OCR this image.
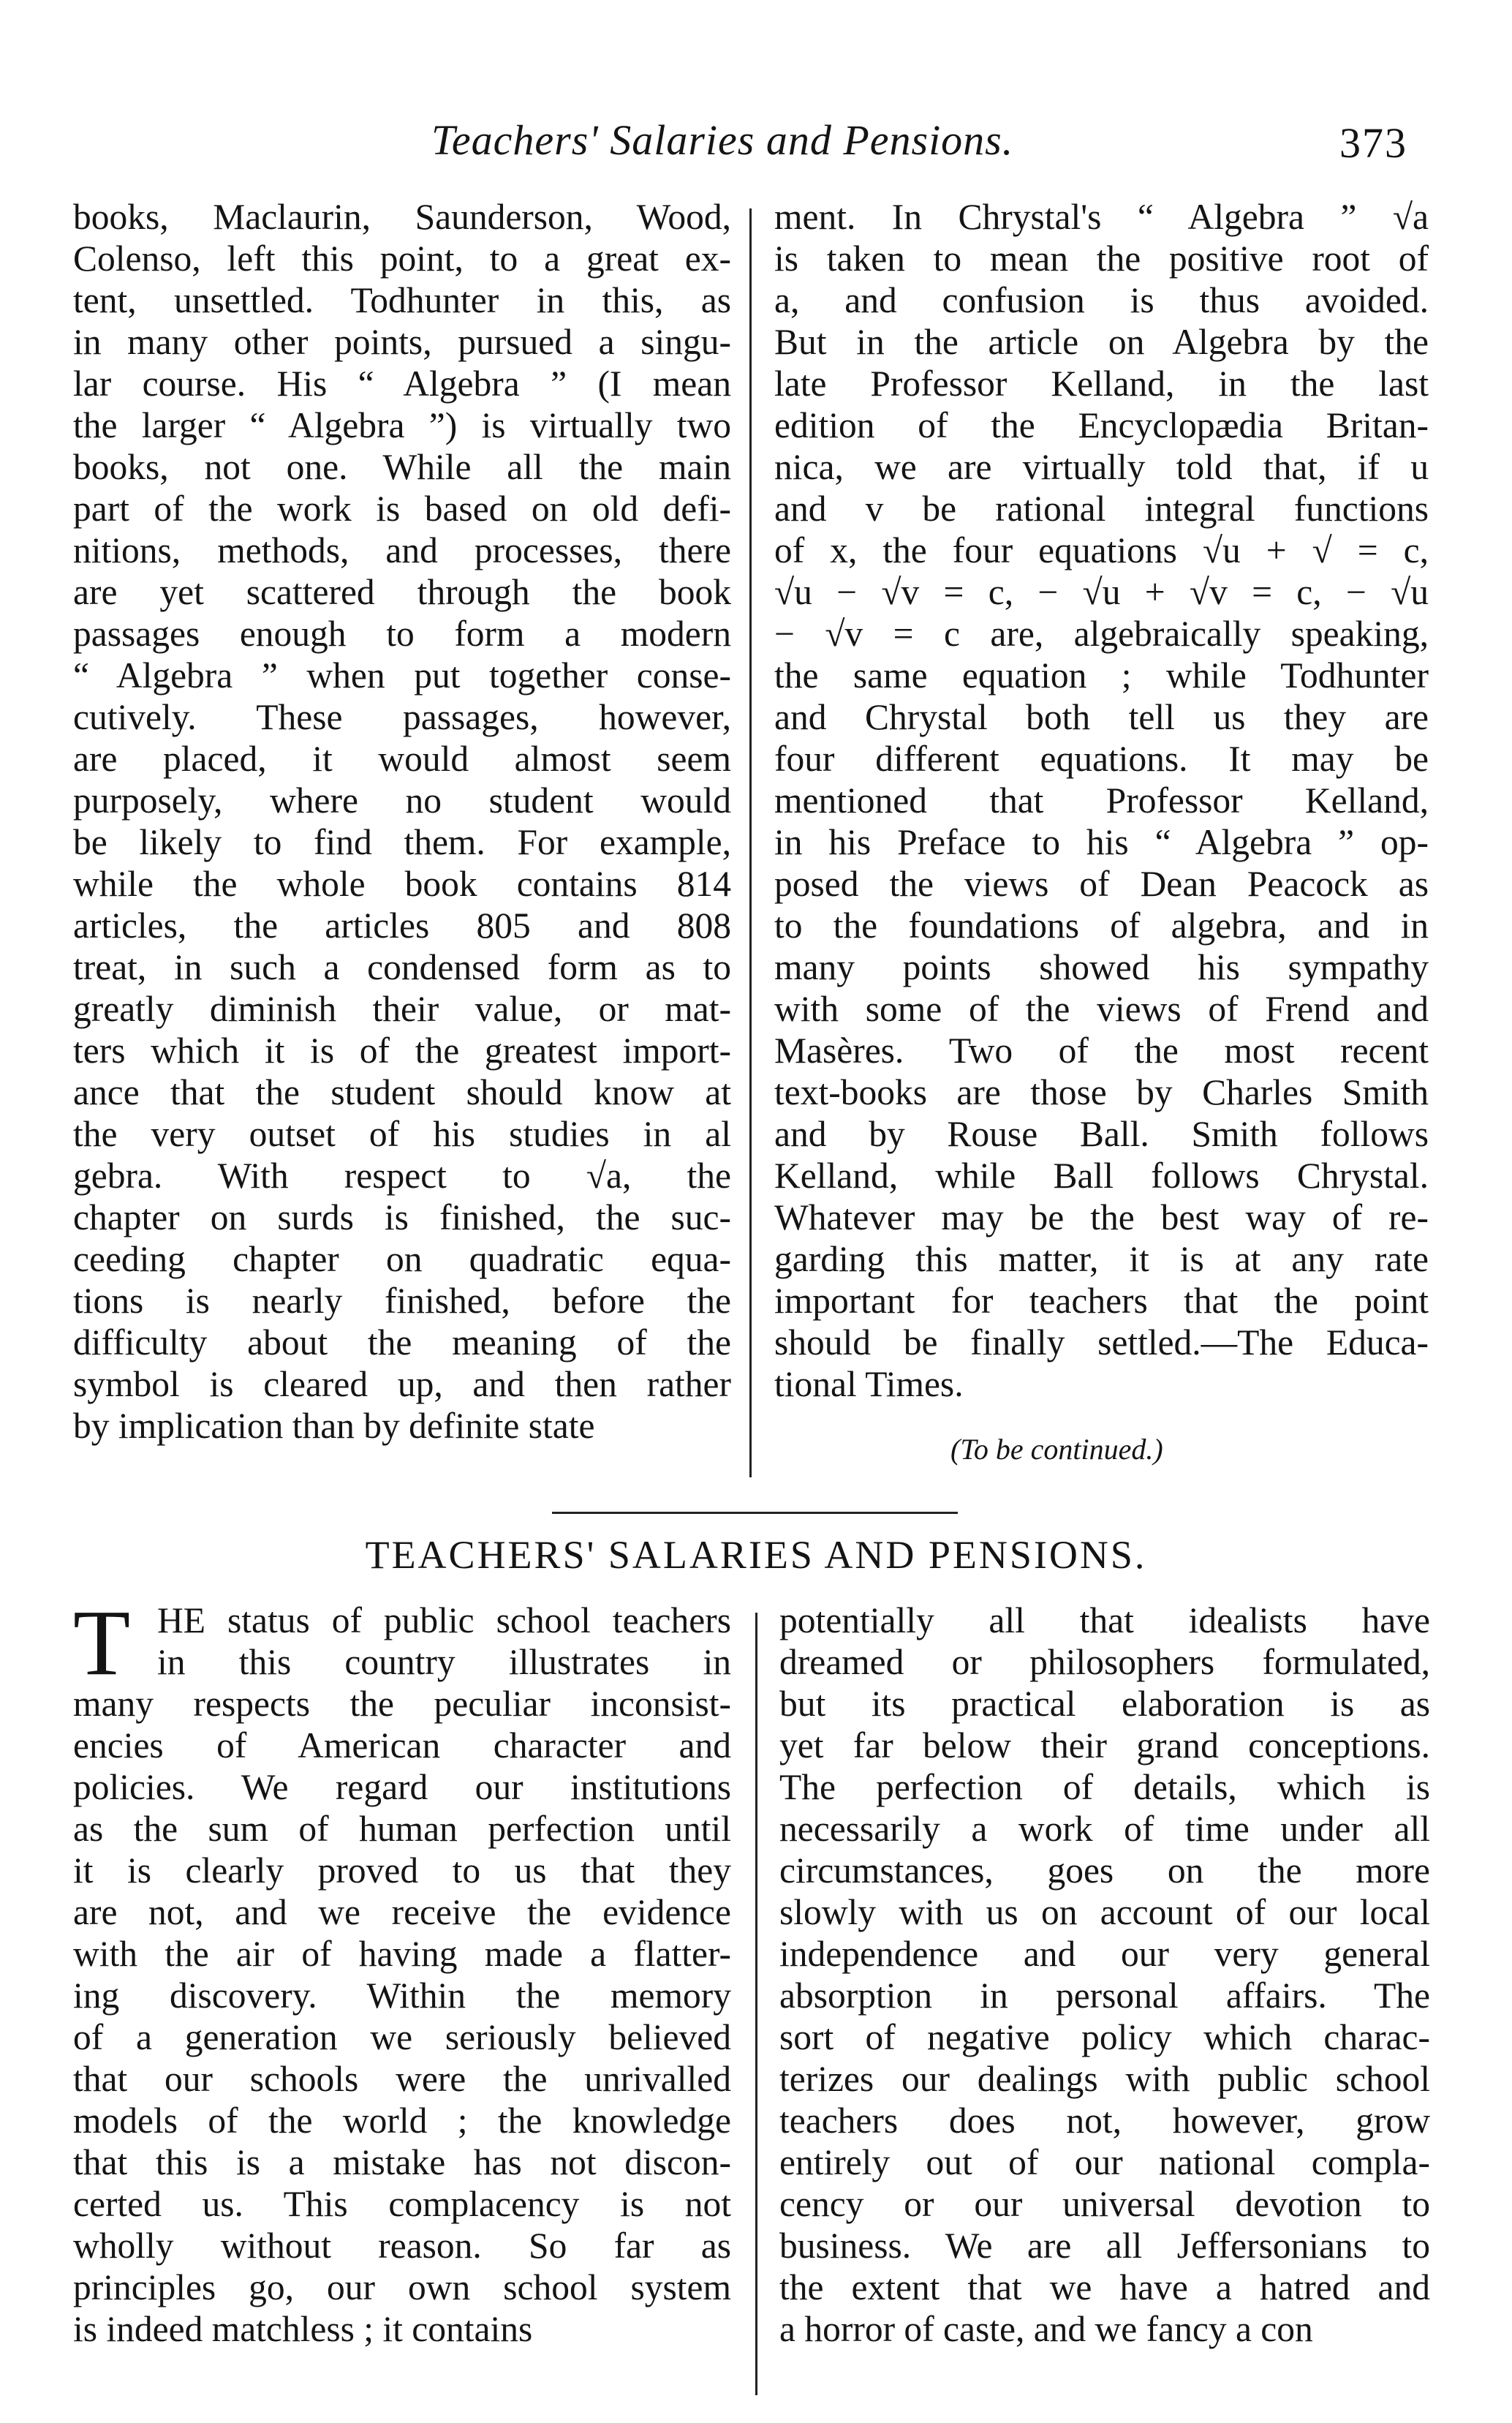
Teachers' Salaries and Pensions.	373
books, Maclaurin, Saunderson, Wood,
Colenso, left this point, to a great ex-
tent, unsettled. Todhunter in this, as
in many other points, pursued a singu-
lar course. His “ Algebra ” (I mean
the larger “ Algebra ”) is virtually two
books, not one. While all the main
part of the work is based on old defi-
nitions, methods, and processes, there
are yet scattered through the book
passages enough to form a modern
“ Algebra ” when put together conse-
cutively. These passages, however,
are placed, it would almost seem
purposely, where no student would
be likely to find them. For example,
while the whole book contains 814
articles, the articles 805 and 808
treat, in such a condensed form as to
greatly diminish their value, or mat-
ters which it is of the greatest import-
ance that the student should know at
the very outset of his studies in al
gebra. With respect to √a, the
chapter on surds is finished, the suc-
ceeding chapter on quadratic equa-
tions is nearly finished, before the
difficulty about the meaning of the
symbol is cleared up, and then rather
by implication than by definite state
ment. In Chrystal's “ Algebra ” √a
is taken to mean the positive root of
a, and confusion is thus avoided.
But in the article on Algebra by the
late Professor Kelland, in the last
edition of the Encyclopædia Britan-
nica, we are virtually told that, if u
and v be rational integral functions
of x, the four equations √u + √ = c,
√u − √v = c, − √u + √v = c, − √u
− √v = c are, algebraically speaking,
the same equation ; while Todhunter
and Chrystal both tell us they are
four different equations. It may be
mentioned that Professor Kelland,
in his Preface to his “ Algebra ” op-
posed the views of Dean Peacock as
to the foundations of algebra, and in
many points showed his sympathy
with some of the views of Frend and
Masères. Two of the most recent
text-books are those by Charles Smith
and by Rouse Ball. Smith follows
Kelland, while Ball follows Chrystal.
Whatever may be the best way of re-
garding this matter, it is at any rate
important for teachers that the point
should be finally settled.—The Educa-
tional Times.
(To be continued.)
TEACHERS' SALARIES AND PENSIONS.
T HE status of public school teachers
in this country illustrates in
many respects the peculiar inconsist-
encies of American character and
policies. We regard our institutions
as the sum of human perfection until
it is clearly proved to us that they
are not, and we receive the evidence
with the air of having made a flatter-
ing discovery. Within the memory
of a generation we seriously believed
that our schools were the unrivalled
models of the world ; the knowledge
that this is a mistake has not discon-
certed us. This complacency is not
wholly without reason. So far as
principles go, our own school system
is indeed matchless ; it contains
potentially all that idealists have
dreamed or philosophers formulated,
but its practical elaboration is as
yet far below their grand conceptions.
The perfection of details, which is
necessarily a work of time under all
circumstances, goes on the more
slowly with us on account of our local
independence and our very general
absorption in personal affairs. The
sort of negative policy which charac-
terizes our dealings with public school
teachers does not, however, grow
entirely out of our national compla-
cency or our universal devotion to
business. We are all Jeffersonians to
the extent that we have a hatred and
a horror of caste, and we fancy a con
